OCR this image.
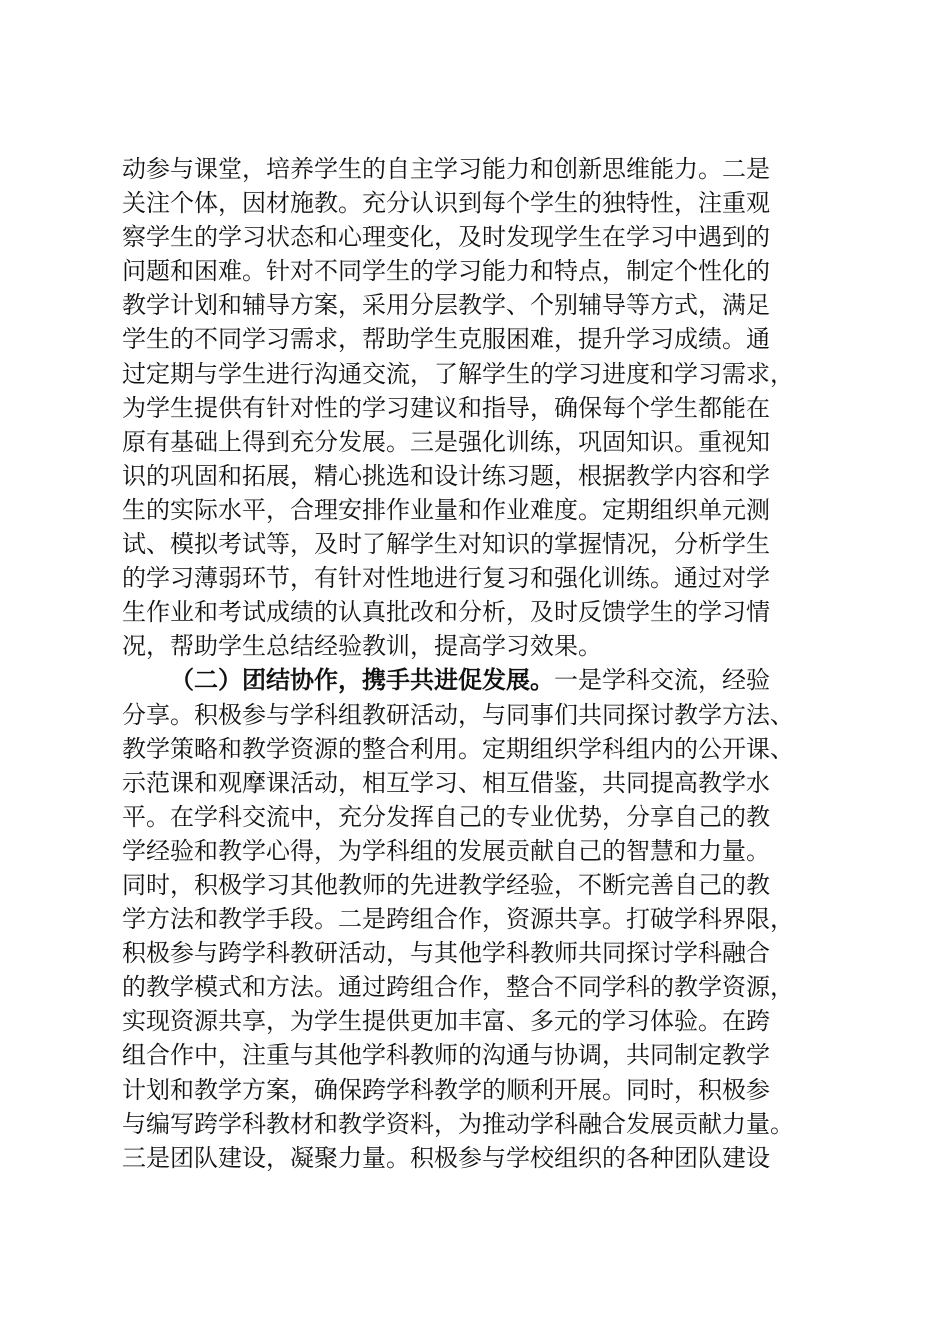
动参与课堂，培养学生的自主学习能力和创新思维能力。二是
关注个体，因材施教。充分认识到每个学生的独特性，注重观
察学生的学习状态和心理变化，及时发现学生在学习中遇到的
问题和困难。针对不同学生的学习能力和特点，制定个性化的
教学计划和辅导方案，采用分层教学、个别辅导等方式，满足
学生的不同学习需求，帮助学生克服困难，提升学习成绩。通
过定期与学生进行沟通交流，了解学生的学习进度和学习需求，
为学生提供有针对性的学习建议和指导，确保每个学生都能在
原有基础上得到充分发展。三是强化训练，巩固知识。重视知
识的巩固和拓展，精心挑选和设计练习题，根据教学内容和学
生的实际水平，合理安排作业量和作业难度。定期组织单元测
试、模拟考试等，及时了解学生对知识的掌握情况，分析学生
的学习薄弱环节，有针对性地进行复习和强化训练。通过对学
生作业和考试成绩的认真批改和分析，及时反馈学生的学习情
况，帮助学生总结经验教训，提高学习效果。
（二）团结协作，携手共进促发展。一是学科交流，经验
分享。积极参与学科组教研活动，与同事们共同探讨教学方法、
教学策略和教学资源的整合利用。定期组织学科组内的公开课、
示范课和观摩课活动，相互学习、相互借鉴，共同提高教学水
平。在学科交流中，充分发挥自己的专业优势，分享自己的教
学经验和教学心得，为学科组的发展贡献自己的智慧和力量。
同时，积极学习其他教师的先进教学经验，不断完善自己的教
学方法和教学手段。二是跨组合作，资源共享。打破学科界限，
积极参与跨学科教研活动，与其他学科教师共同探讨学科融合
的教学模式和方法。通过跨组合作，整合不同学科的教学资源，
实现资源共享，为学生提供更加丰富、多元的学习体验。在跨
组合作中，注重与其他学科教师的沟通与协调，共同制定教学
计划和教学方案，确保跨学科教学的顺利开展。同时，积极参
与编写跨学科教材和教学资料，为推动学科融合发展贡献力量。
三是团队建设，凝聚力量。积极参与学校组织的各种团队建设
